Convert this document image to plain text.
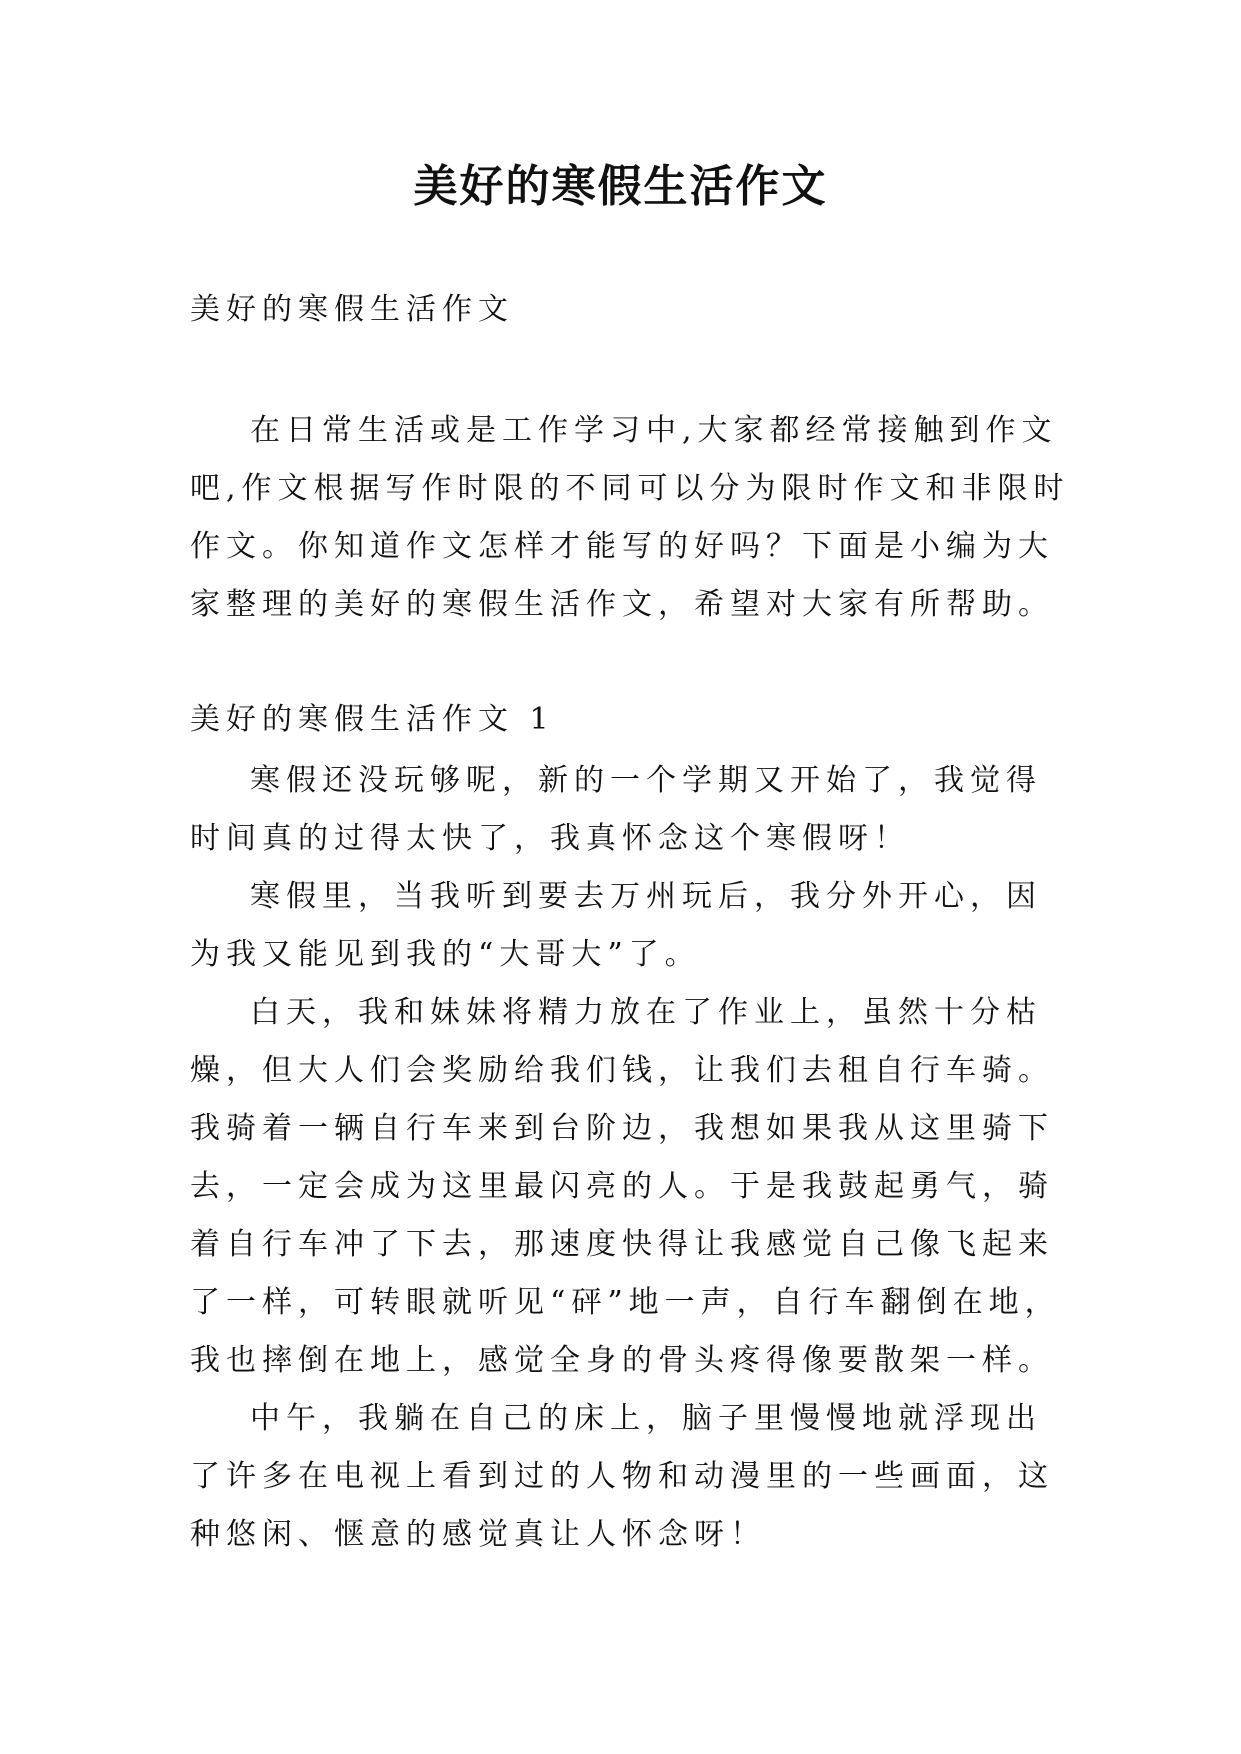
美好的寒假生活作文

美好的寒假生活作文

在日常生活或是工作学习中,大家都经常接触到作文吧,作文根据写作时限的不同可以分为限时作文和非限时作文。你知道作文怎样才能写的好吗？下面是小编为大家整理的美好的寒假生活作文，希望对大家有所帮助。

美好的寒假生活作文 1

寒假还没玩够呢，新的一个学期又开始了，我觉得时间真的过得太快了，我真怀念这个寒假呀！

寒假里，当我听到要去万州玩后，我分外开心，因为我又能见到我的“大哥大”了。

白天，我和妹妹将精力放在了作业上，虽然十分枯燥，但大人们会奖励给我们钱，让我们去租自行车骑。我骑着一辆自行车来到台阶边，我想如果我从这里骑下去，一定会成为这里最闪亮的人。于是我鼓起勇气，骑着自行车冲了下去，那速度快得让我感觉自己像飞起来了一样，可转眼就听见“砰”地一声，自行车翻倒在地，我也摔倒在地上，感觉全身的骨头疼得像要散架一样。

中午，我躺在自己的床上，脑子里慢慢地就浮现出了许多在电视上看到过的人物和动漫里的一些画面，这种悠闲、惬意的感觉真让人怀念呀！
